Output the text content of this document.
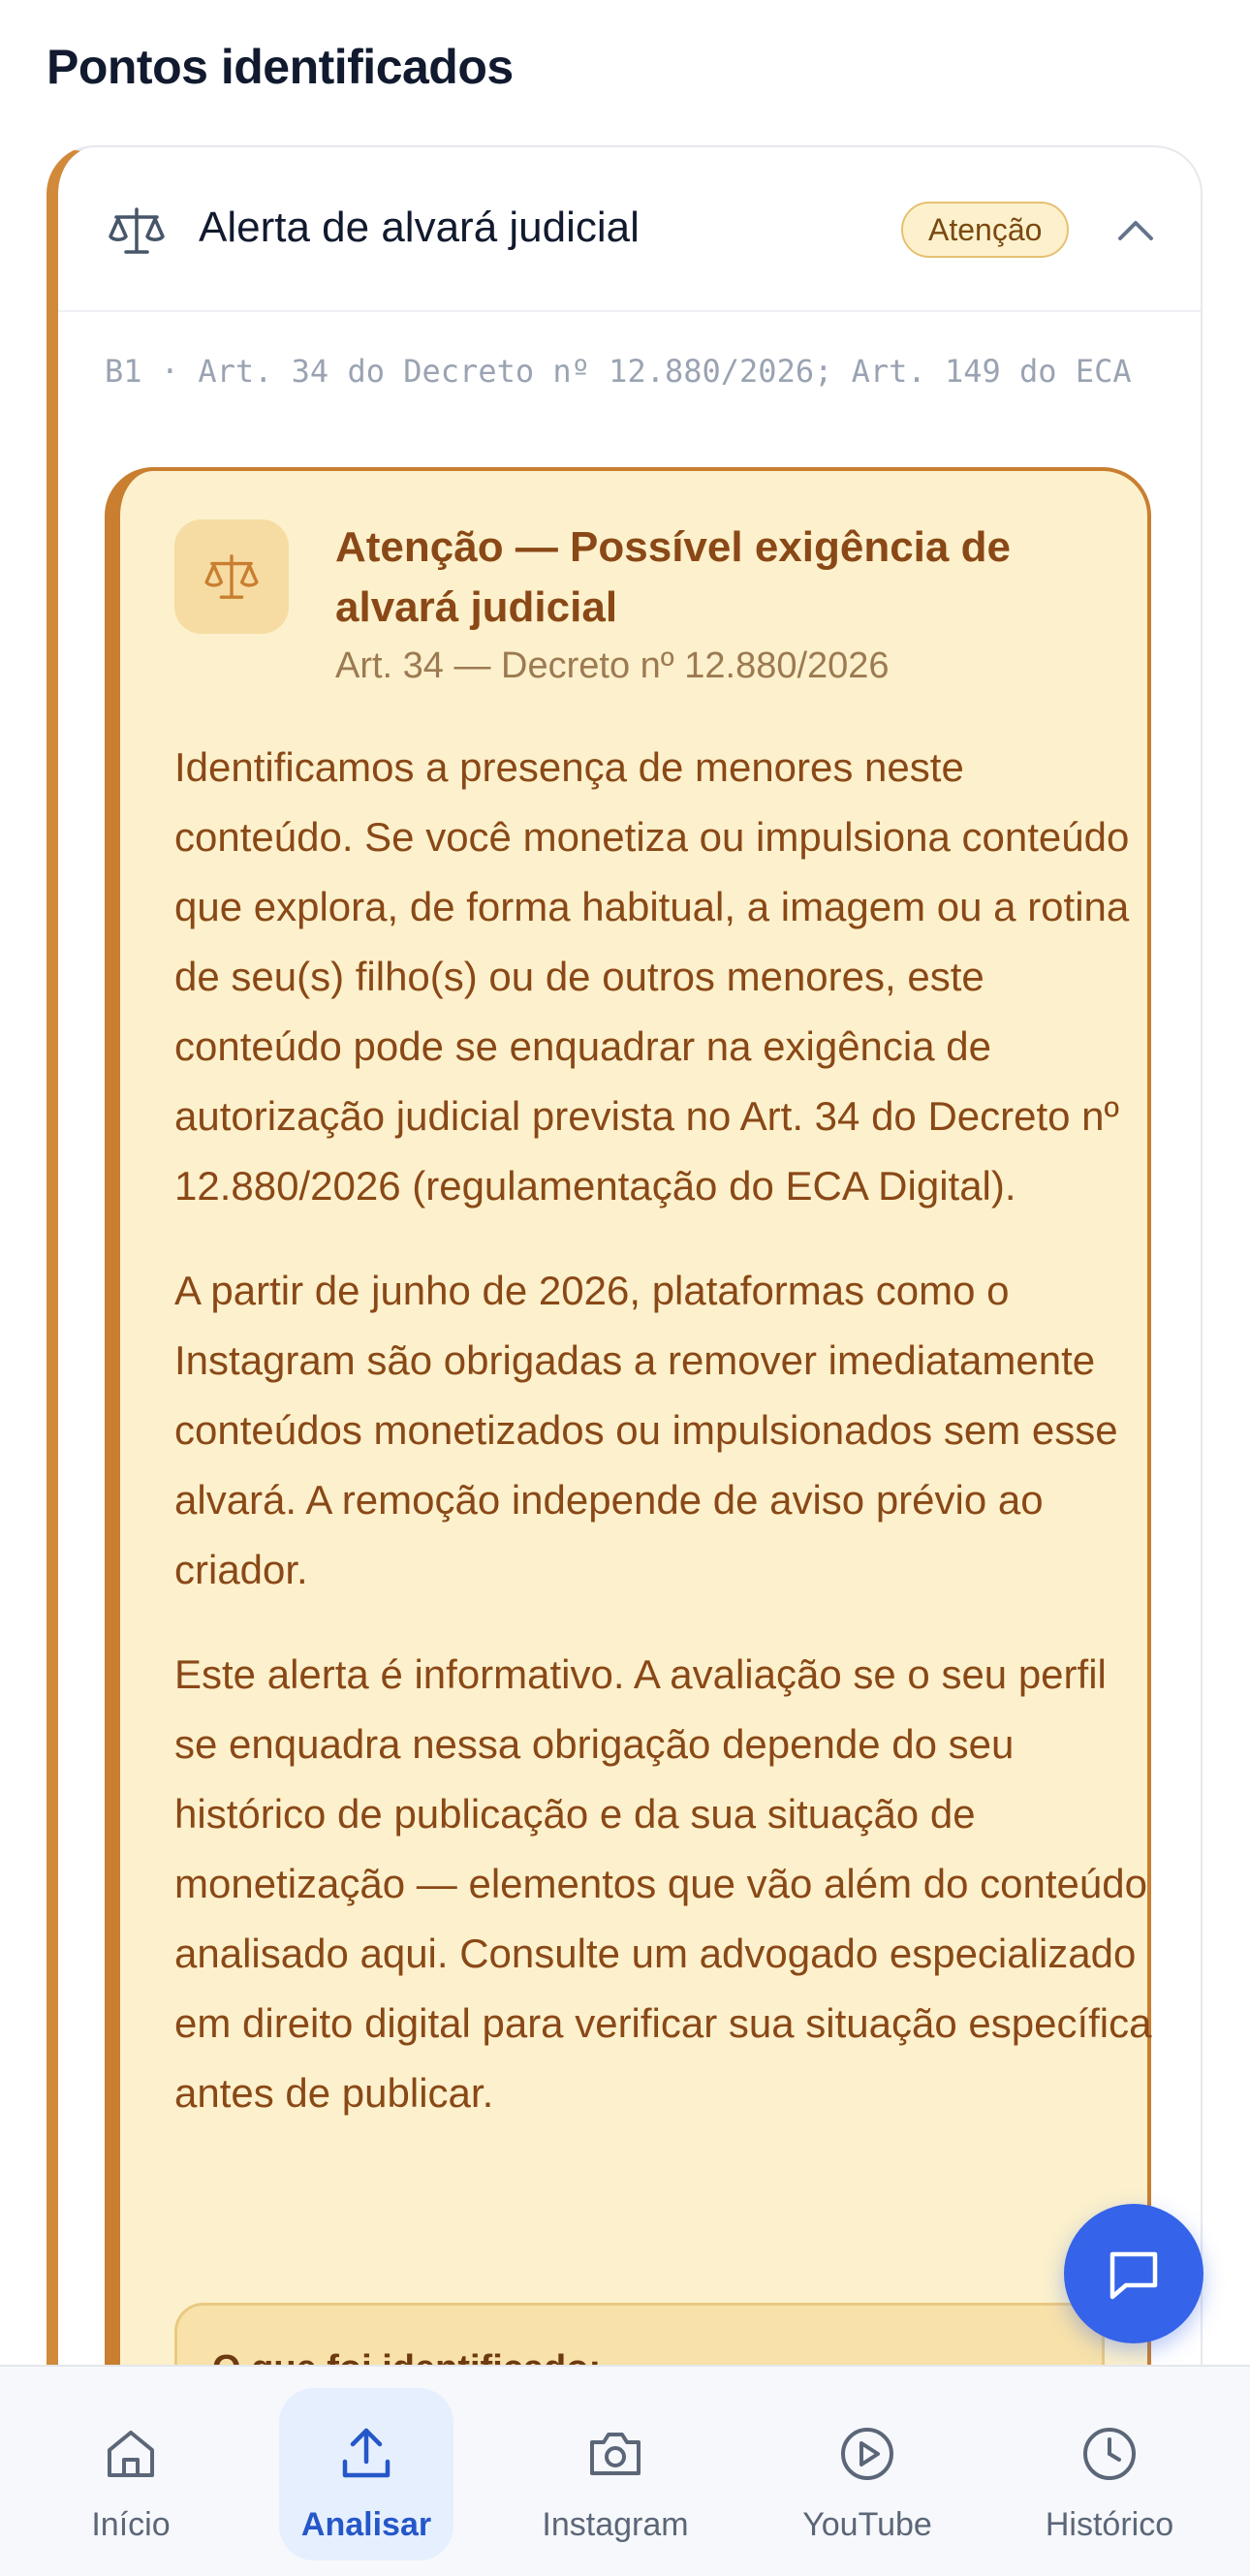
Pontos identificados
Alerta de alvará judicial	Atenção
B1 · Art. 34 do Decreto nº 12.880/2026; Art. 149 do ECA
Atenção — Possível exigência de alvará judicial
Art. 34 — Decreto nº 12.880/2026

Identificamos a presença de menores neste conteúdo. Se você monetiza ou impulsiona conteúdo que explora, de forma habitual, a imagem ou a rotina de seu(s) filho(s) ou de outros menores, este conteúdo pode se enquadrar na exigência de autorização judicial prevista no Art. 34 do Decreto nº 12.880/2026 (regulamentação do ECA Digital).

A partir de junho de 2026, plataformas como o Instagram são obrigadas a remover imediatamente conteúdos monetizados ou impulsionados sem esse alvará. A remoção independe de aviso prévio ao criador.

Este alerta é informativo. A avaliação se o seu perfil se enquadra nessa obrigação depende do seu histórico de publicação e da sua situação de monetização — elementos que vão além do conteúdo analisado aqui. Consulte um advogado especializado em direito digital para verificar sua situação específica antes de publicar.

Início	Analisar	Instagram	YouTube	Histórico
